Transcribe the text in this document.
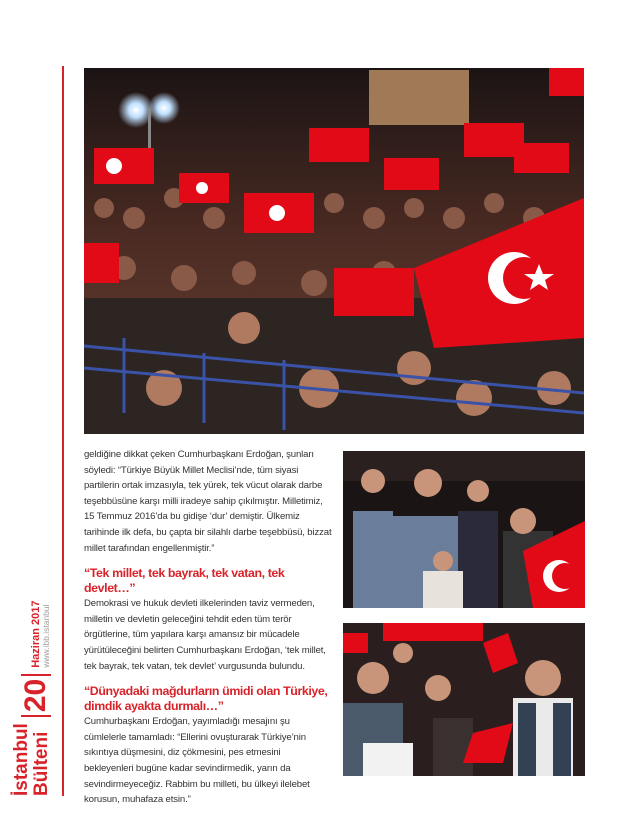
İstanbul Bülteni
20
Haziran 2017 www.ibb.istanbul

geldiğine dikkat çeken Cumhurbaşkanı Erdoğan, şunları söyledi: “Türkiye Büyük Millet Meclisi’nde, tüm siyasi partilerin ortak imzasıyla, tek yürek, tek vücut olarak darbe teşebbüsüne karşı milli iradeye sahip çıkılmıştır. Milletimiz, 15 Temmuz 2016’da bu gidişe ‘dur’ demiştir. Ülkemiz tarihinde ilk defa, bu çapta bir silahlı darbe teşebbüsü, bizzat millet tarafından engellenmiştir.”

“Tek millet, tek bayrak, tek vatan, tek devlet…”

Demokrasi ve hukuk devleti ilkelerinden taviz vermeden, milletin ve devletin geleceğini tehdit eden tüm terör örgütlerine, tüm yapılara karşı amansız bir mücadele yürütüleceğini belirten Cumhurbaşkanı Erdoğan, ‘tek millet, tek bayrak, tek vatan, tek devlet’ vurgusunda bulundu.

“Dünyadaki mağdurların ümidi olan Türkiye, dimdik ayakta durmalı…”

Cumhurbaşkanı Erdoğan, yayımladığı mesajını şu cümlelerle tamamladı: “Ellerini ovuşturarak Türkiye’nin sıkıntıya düşmesini, diz çökmesini, pes etmesini bekleyenleri bugüne kadar sevindirmedik, yarın da sevindirmeyeceğiz. Rabbim bu milleti, bu ülkeyi ilelebet korusun, muhafaza etsin.”
